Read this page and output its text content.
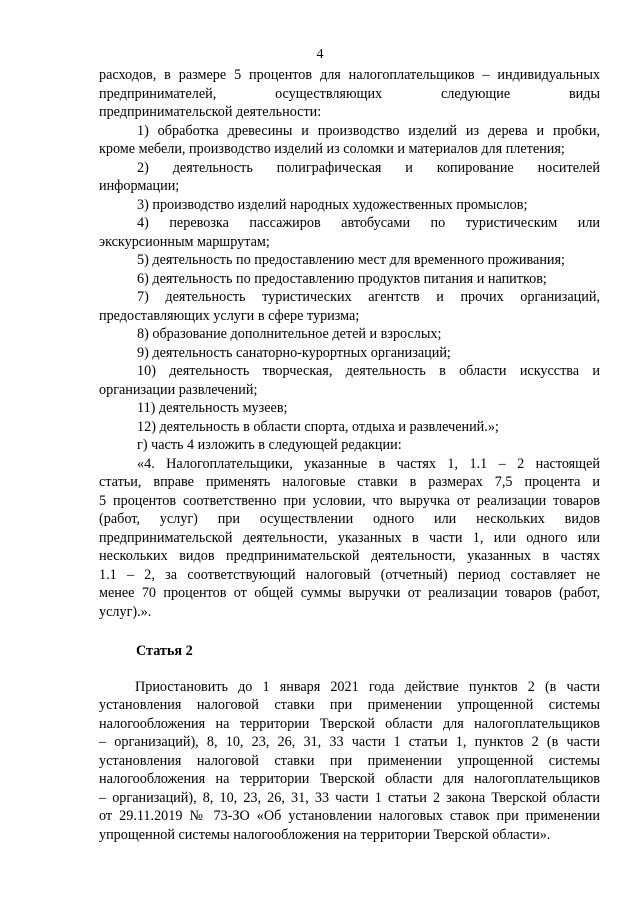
4

расходов, в размере 5 процентов для налогоплательщиков – индивидуальных

предпринимателей, осуществляющих следующие виды

предпринимательской деятельности:

1) обработка древесины и производство изделий из дерева и пробки,

кроме мебели, производство изделий из соломки и материалов для плетения;

2) деятельность полиграфическая и копирование носителей

информации;

3) производство изделий народных художественных промыслов;

4) перевозка пассажиров автобусами по туристическим или

экскурсионным маршрутам;

5) деятельность по предоставлению мест для временного проживания;

6) деятельность по предоставлению продуктов питания и напитков;

7) деятельность туристических агентств и прочих организаций,

предоставляющих услуги в сфере туризма;

8) образование дополнительное детей и взрослых;

9) деятельность санаторно-курортных организаций;

10) деятельность творческая, деятельность в области искусства и

организации развлечений;

11) деятельность музеев;

12) деятельность в области спорта, отдыха и развлечений.»;

г) часть 4 изложить в следующей редакции:

«4. Налогоплательщики, указанные в частях 1, 1.1 – 2 настоящей

статьи, вправе применять налоговые ставки в размерах 7,5 процента и

5 процентов соответственно при условии, что выручка от реализации товаров

(работ, услуг) при осуществлении одного или нескольких видов

предпринимательской деятельности, указанных в части 1, или одного или

нескольких видов предпринимательской деятельности, указанных в частях

1.1 – 2, за соответствующий налоговый (отчетный) период составляет не

менее 70 процентов от общей суммы выручки от реализации товаров (работ,

услуг).».

Статья 2

Приостановить до 1 января 2021 года действие пунктов 2 (в части

установления налоговой ставки при применении упрощенной системы

налогообложения на территории Тверской области для налогоплательщиков

– организаций), 8, 10, 23, 26, 31, 33 части 1 статьи 1, пунктов 2 (в части

установления налоговой ставки при применении упрощенной системы

налогообложения на территории Тверской области для налогоплательщиков

– организаций), 8, 10, 23, 26, 31, 33 части 1 статьи 2 закона Тверской области

от 29.11.2019 № 73-ЗО «Об установлении налоговых ставок при применении

упрощенной системы налогообложения на территории Тверской области».
